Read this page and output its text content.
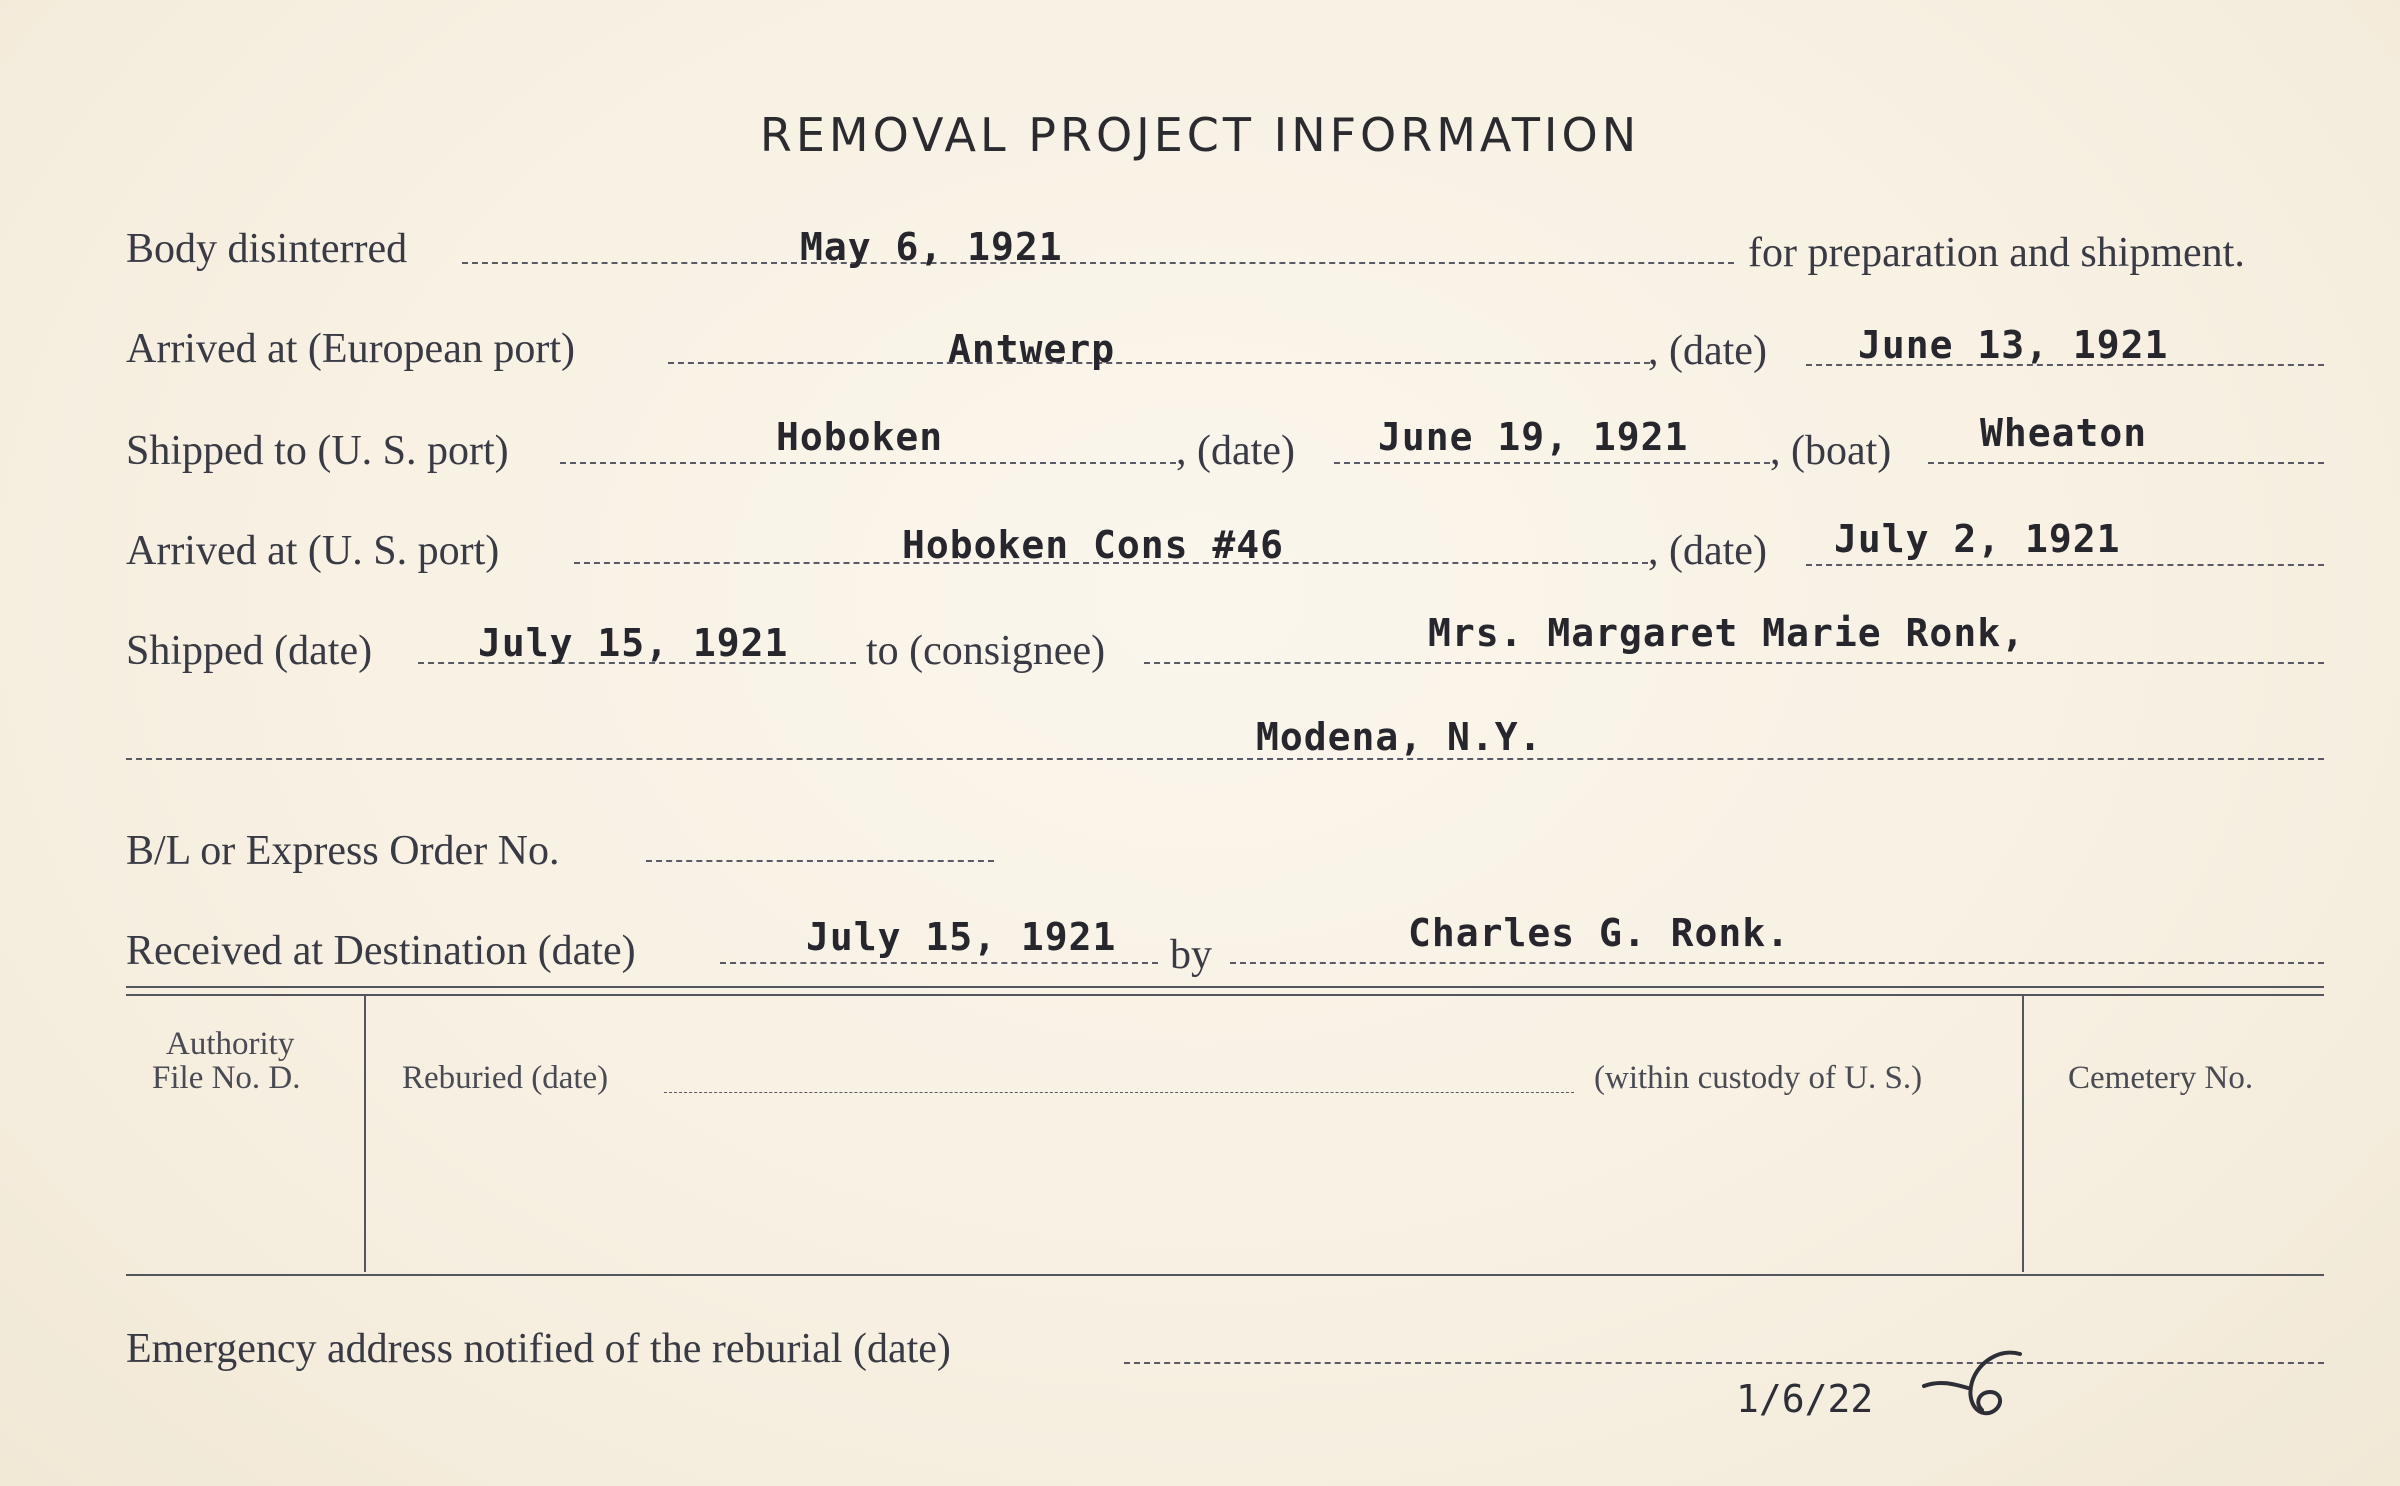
REMOVAL PROJECT INFORMATION
Body disinterred	May 6, 1921	for preparation and shipment.
Arrived at (European port)	Antwerp	, (date) June 13, 1921
Shipped to (U. S. port)	Hoboken	, (date) June 19, 1921 , (boat) Wheaton
Arrived at (U. S. port)	Hoboken Cons #46	, (date) July 2, 1921
Shipped (date)	July 15, 1921 to (consignee)	Mrs. Margaret Marie Ronk,
Modena, N.Y.
B/L or Express Order No.
Received at Destination (date)	July 15, 1921 by	Charles G. Ronk.
Authority
File No. D.	Reburied (date)	(within custody of U. S.)	Cemetery No.
Emergency address notified of the reburial (date)
1/6/22
